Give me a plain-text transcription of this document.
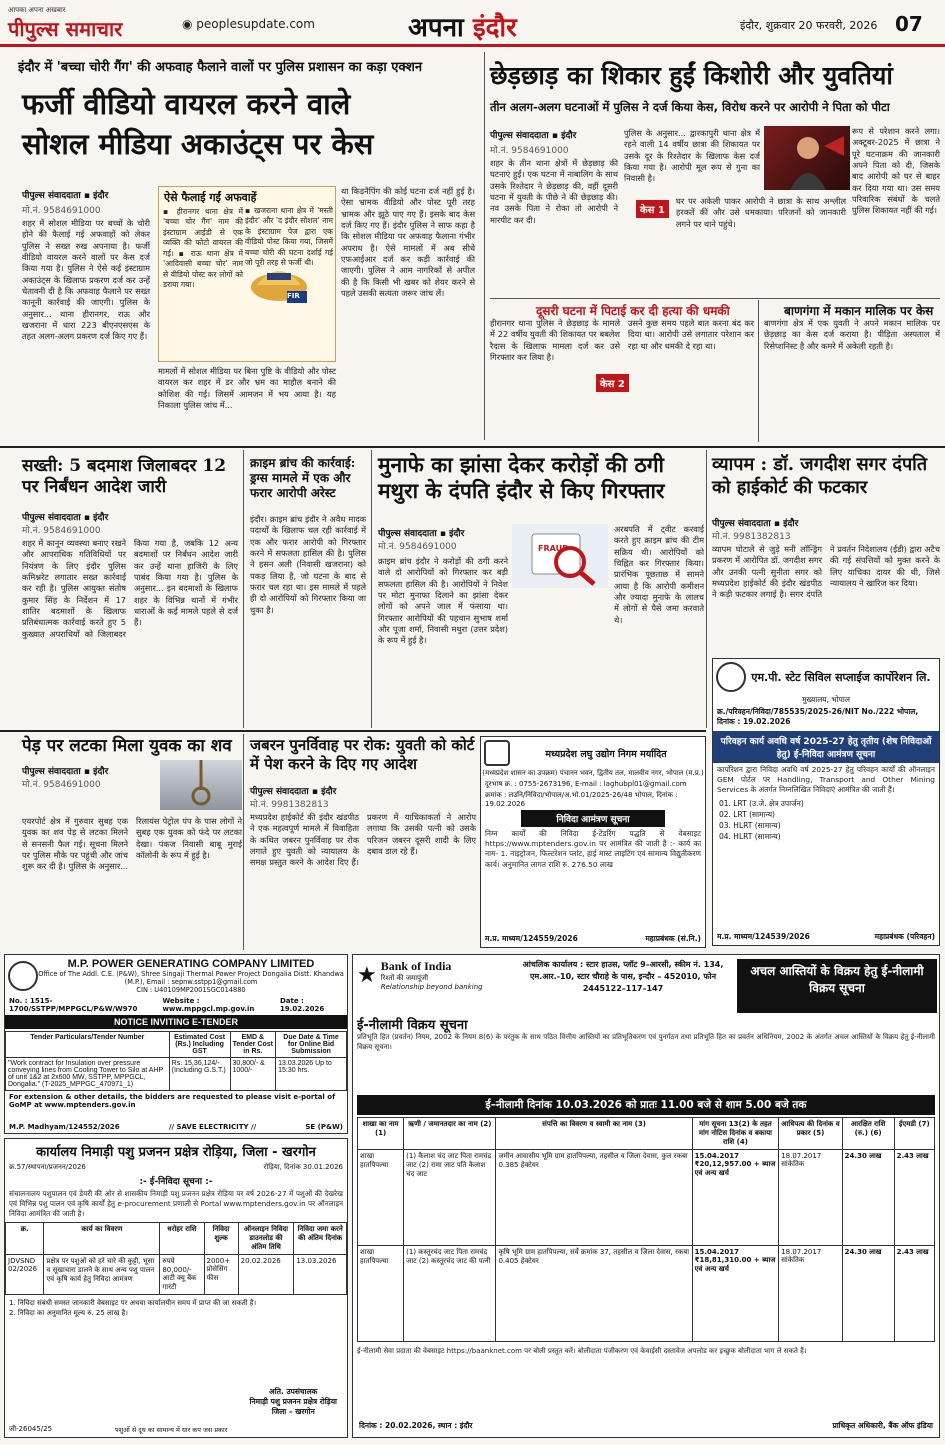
आपका अपना अखबार
पीपुल्स समाचार	◉ peoplesupdate.com	अपना इंदौर	इंदौर, शुक्रवार 20 फरवरी, 2026 07
इंदौर में 'बच्चा चोरी गैंग' की अफवाह फैलाने वालों पर पुलिस प्रशासन का कड़ा एक्शन
फर्जी वीडियो वायरल करने वाले
सोशल मीडिया अकाउंट्स पर केस
पीपुल्स संवाददाता ▪ इंदौर
मो.नं. 9584691000
शहर में सोशल मीडिया पर बच्चों के चोरी होने की फैलाई गई अफवाहों को लेकर पुलिस ने सख्त रुख अपनाया है। फर्जी वीडियो वायरल करने वालों पर केस दर्ज किया गया है। पुलिस ने ऐसे कई इंस्टाग्राम अकाउंट्स के खिलाफ प्रकरण दर्ज कर उन्हें चेतावनी दी है कि अफवाह फैलाने पर सख्त कानूनी कार्रवाई की जाएगी। पुलिस के अनुसार... थाना हीरानगर, राऊ और खजराना में धारा 223 बीएनएसएस के तहत अलग-अलग प्रकरण दर्ज किए गए हैं।
ऐसे फैलाई गईं अफवाहें
▪ हीरानगर थाना क्षेत्र में 'बच्चा चोर गैंग' नाम की इंस्टाग्राम आईडी से एक व्यक्ति की फोटो वायरल की गई। ▪ राऊ थाना क्षेत्र में 'आदिवासी बच्चा चोर' नाम से वीडियो पोस्ट कर लोगों को डराया गया।
FIR
▪ खजराना थाना क्षेत्र में 'मस्ती इंदौर' और 'द इंदौर सोशल' नाम के इंस्टाग्राम पेज द्वारा एक वीडियो पोस्ट किया गया, जिसमें बच्चा चोरी की घटना दर्शाई गई जो पूरी तरह से फर्जी थी।
मामलों में सोशल मीडिया पर बिना पुष्टि के वीडियो और पोस्ट वायरल कर शहर में डर और भ्रम का माहौल बनाने की कोशिश की गई। जिसमें आमजन में भय आया है। यह निकाला पुलिस जांच में...
था किडनैपिंग की कोई घटना दर्ज नहीं हुई है। ऐसा भ्रामक वीडियो और पोस्ट पूरी तरह भ्रामक और झूठे पाए गए हैं। इसके बाद केस दर्ज किए गए हैं। इंदौर पुलिस ने साफ कहा है कि सोशल मीडिया पर अफवाह फैलाना गंभीर अपराध है। ऐसे मामलों में अब सीधे एफआईआर दर्ज कर कड़ी कार्रवाई की जाएगी। पुलिस ने आम नागरिकों से अपील की है कि किसी भी खबर को शेयर करने से पहले उसकी सत्यता जरूर जांच लें।
छेड़छाड़ का शिकार हुईं किशोरी और युवतियां
तीन अलग-अलग घटनाओं में पुलिस ने दर्ज किया केस, विरोध करने पर आरोपी ने पिता को पीटा
पीपुल्स संवाददाता ▪ इंदौर
मो.नं. 9584691000
शहर के तीन थाना क्षेत्रों में छेड़छाड़ की घटनाएं हुईं। एक घटना में नाबालिग के साथ उसके रिश्तेदार ने छेड़छाड़ की, वहीं दूसरी घटना में युवती के पीछे ने की छेड़छाड़ की। नव उसके पिता ने रोका तो आरोपी ने मारपीट कर दी।
पुलिस के अनुसार... द्वारकापुरी थाना क्षेत्र में रहने वाली 14 वर्षीय छात्रा की शिकायत पर उसके दूर के रिश्तेदार के खिलाफ केस दर्ज किया गया है। आरोपी मूल रूप से गुना का निवासी है।
केस 1
घर पर अकेली पाकर आरोपी ने छात्रा के साथ अश्लील हरकतें कीं और उसे धमकाया। परिजनों को जानकारी लगने पर थाने पहुंचे।
रूप से परेशान करने लगा। अक्टूबर-2025 में छात्रा ने पूरे घटनाक्रम की जानकारी अपने पिता को दी, जिसके बाद आरोपी को घर से बाहर कर दिया गया था। उस समय परिवारिक संबंधों के चलते पुलिस शिकायत नहीं की गई।
दूसरी घटना में पिटाई कर दी हत्या की धमकी
हीरानगर थाना पुलिस ने छेड़छाड़ के मामले में 22 वर्षीय युवती की शिकायत पर बबलेश रैदास के खिलाफ मामला दर्ज कर उसे गिरफ्तार कर लिया है।
केस 2
उसने कुछ समय पहले बात करना बंद कर दिया था। आरोपी उसे लगातार परेशान कर रहा था और धमकी दे रहा था।
बाणगंगा में मकान मालिक पर केस
बाणगंगा क्षेत्र में एक युवती ने अपने मकान मालिक पर छेड़छाड़ का केस दर्ज कराया है। पीड़िता अस्पताल में रिसेप्शनिस्ट है और कमरे में अकेली रहती है।
सख्ती: 5 बदमाश जिलाबदर 12 पर निर्बंधन आदेश जारी
पीपुल्स संवाददाता ▪ इंदौर
मो.नं. 9584691000
शहर में कानून व्यवस्था बनाए रखने और आपराधिक गतिविधियों पर नियंत्रण के लिए इंदौर पुलिस कमिश्नरेट लगातार सख्त कार्रवाई कर रही है। पुलिस आयुक्त संतोष कुमार सिंह के निर्देशन में 17 शातिर बदमाशों के खिलाफ प्रतिबंधात्मक कार्रवाई करते हुए 5 कुख्यात अपराधियों को जिलाबदर किया गया है, जबकि 12 अन्य बदमाशों पर निर्बंधन आदेश जारी कर उन्हें थाना हाजिरी के लिए पाबंद किया गया है। पुलिस के अनुसार... इन बदमाशों के खिलाफ शहर के विभिन्न थानों में गंभीर धाराओं के कई मामले पहले से दर्ज हैं।
क्राइम ब्रांच की कार्रवाई: ड्रग्स मामले में एक और फरार आरोपी अरेस्ट
इंदौर। क्राइम ब्रांच इंदौर ने अवैध मादक पदार्थों के खिलाफ चल रही कार्रवाई में एक और फरार आरोपी को गिरफ्तार करने में सफलता हासिल की है। पुलिस ने हसन अली (निवासी खजराना) को पकड़ लिया है, जो घटना के बाद से फरार चल रहा था। इस मामले में पहले ही दो आरोपियों को गिरफ्तार किया जा चुका है।
मुनाफे का झांसा देकर करोड़ों की ठगी मथुरा के दंपति इंदौर से किए गिरफ्तार
पीपुल्स संवाददाता ▪ इंदौर
मो.नं. 9584691000	FRAUD
क्राइम ब्रांच इंदौर ने करोड़ों की ठगी करने वाले दो आरोपियों को गिरफ्तार कर बड़ी सफलता हासिल की है। आरोपियों ने निवेश पर मोटा मुनाफा दिलाने का झांसा देकर लोगों को अपने जाल में फंसाया था। गिरफ्तार आरोपियों की पहचान सुभाष शर्मा और पूजा शर्मा, निवासी मथुरा (उत्तर प्रदेश) के रूप में हुई है।
अरबपति में ट्वीट करवाई करते हुए क्राइम ब्रांच की टीम सक्रिय थी। आरोपियों को चिह्नित कर गिरफ्तार किया। प्रारंभिक पूछताछ में सामने आया है कि आरोपी कमीशन और ज्यादा मुनाफे के लालच में लोगों से पैसे जमा करवाते थे।
व्यापम : डॉ. जगदीश सगर दंपति को हाईकोर्ट की फटकार
पीपुल्स संवाददाता ▪ इंदौर
मो.नं. 9981382813
व्यापम घोटाले से जुड़े मनी लॉन्ड्रिंग प्रकरण में आरोपित डॉ. जगदीश सगर और उनकी पत्नी सुनीता सगर को मध्यप्रदेश हाईकोर्ट की इंदौर खंडपीठ ने कड़ी फटकार लगाई है। सगर दंपति ने प्रवर्तन निदेशालय (ईडी) द्वारा अटैच की गई संपत्तियों को मुक्त करने के लिए याचिका दायर की थी, जिसे न्यायालय ने खारिज कर दिया।
एम.पी. स्टेट सिविल सप्लाईज कार्पोरेशन लि.
मुख्यालय, भोपाल
क्र./परिवहन/निविदा/785535/2025-26/NIT No./222 भोपाल, दिनांक : 19.02.2026
परिवहन कार्य अवधि वर्ष 2025-27 हेतु तृतीय (शेष निविदाओं हेतु) ई-निविदा आमंत्रण सूचना
कार्पोरेशन द्वारा निविदा अवधि वर्ष 2025-27 हेतु परिवहन कार्यों की ऑनलाइन GEM पोर्टल पर Handling, Transport and Other Mining Services के अंतर्गत निम्नलिखित निविदाएं आमंत्रित की जाती हैं।
01. LRT (उ.जे. क्षेत्र उपार्जन)
02. LRT (सामान्य)
03. HLRT (सामान्य)
04. HLRT (सामान्य)
म.प्र. माध्यम/124539/2026	महाप्रबंधक (परिवहन)
पेड़ पर लटका मिला युवक का शव
पीपुल्स संवाददाता ▪ इंदौर
मो.नं. 9584691000
एयरपोर्ट क्षेत्र में गुरुवार सुबह एक युवक का शव पेड़ से लटका मिलने से सनसनी फैल गई। सूचना मिलने पर पुलिस मौके पर पहुंची और जांच शुरू कर दी है। पुलिस के अनुसार... रिलायंस पेट्रोल पंप के पास लोगों ने सुबह एक युवक को फंदे पर लटका देखा। पंकज निवासी बाबू मुराई कॉलोनी के रूप में हुई है।
जबरन पुनर्विवाह पर रोक: युवती को कोर्ट में पेश करने के दिए गए आदेश
पीपुल्स संवाददाता ▪ इंदौर
मो.नं. 9981382813
मध्यप्रदेश हाईकोर्ट की इंदौर खंडपीठ ने एक महत्वपूर्ण मामले में विवाहिता के कथित जबरन पुनर्विवाह पर रोक लगाते हुए युवती को न्यायालय के समक्ष प्रस्तुत करने के आदेश दिए हैं। प्रकरण में याचिकाकर्ता ने आरोप लगाया कि उसकी पत्नी को उसके परिजन जबरन दूसरी शादी के लिए दबाव डाल रहे हैं।
मध्यप्रदेश लघु उद्योग निगम मर्यादित
(मध्यप्रदेश शासन का उपक्रम) पंचानन भवन, द्वितीय तल, मालवीय नगर, भोपाल (म.प्र.)
दूरभाष क्र. : 0755-2673196, E-mail : laghubpl01@gmail.com
क्रमांक : लउनि/निविदा/भोपाल/अ.भो.01/2025-26/48 भोपाल, दिनांक : 19.02.2026
निविदा आमंत्रण सूचना
निम्न कार्यों की निविदा ई-टेंडरिंग पद्धति से वेबसाइट https://www.mptenders.gov.in पर आमंत्रित की जाती है :- कार्य का नाम- 1. नाइट्रोजन, फिल्टरेशन प्लांट, हाई मास्ट लाइटिंग एवं सामान्य विद्युतीकरण कार्य। अनुमानित लागत राशि रु. 276.50 लाख
म.प्र. माध्यम/124559/2026	महाप्रबंधक (सं.नि.)
M.P. POWER GENERATING COMPANY LIMITED
Office of The Addl. C.E. (P&W), Shree Singaji Thermal Power Project Dongalia Distt. Khandwa (M.P.), Email : sepnw.sstpp1@gmail.com
CIN : U40109MP2001SGC014880
No. : 1515-1700/SSTPP/MPPGCL/P&W/W970
Website : www.mppgcl.mp.gov.in
Date : 19.02.2026
NOTICE INVITING E-TENDER
Tender Particulars/Tender Number	Estimated Cost (Rs.) Including GST	EMD & Tender Cost in Rs.	Due Date & Time for Online Bid Submission
"Work contract for Insulation over pressure conveying lines from Cooling Tower to Silo at AHP of unit 1&2 at 2x600 MW, SSTPP, MPPGCL, Dongalia." (T-2025_MPPGC_470971_1)	Rs. 15,36,124/- (Including G.S.T.)	30,800/- & 1000/-	13.03.2026 Up to 15:30 hrs.
For extension & other details, the bidders are requested to please visit e-portal of GoMP at www.mptenders.gov.in
M.P. Madhyam/124552/2026	// SAVE ELECTRICITY //	SE (P&W)
कार्यालय निमाड़ी पशु प्रजनन प्रक्षेत्र रोड़िया, जिला - खरगोन
क्र.57/स्थापना/प्रजनन/2026	रोड़िया, दिनांक 30.01.2026
:- ई-निविदा सूचना :-
संचालनालय पशुपालन एवं डेयरी की ओर से शासकीय निमाड़ी पशु प्रजनन प्रक्षेत्र रोड़िया पर वर्ष 2026-27 में पशुओं की देखरेख एवं विभिन्न पशु पालन एवं कृषि कार्यों हेतु e-procurement प्रणाली से Portal www.mptenders.gov.in पर ऑनलाइन निविदा आमंत्रित की जाती है।
क्र.	कार्य का विवरण	धरोहर राशि	निविदा शुल्क	ऑनलाइन निविदा डाउनलोड की अंतिम तिथि	निविदा जमा करने की अंतिम दिनांक
JDVSND 02/2026	प्रक्षेत्र पर पशुओं को हरे चारे की कुट्टी, भूसा व सूखाचारा डालने के साथ अन्य पशु पालन एवं कृषि कार्य हेतु निविदा आमंत्रण	रुपये 80,000/- आटी क्यू बैंक गारंटी	2000+ प्रोसेसिंग फीस	20.02.2026	13.03.2026
1. निविदा संबंधी समस्त जानकारी वेबसाइट पर अथवा कार्यालयीन समय में प्राप्त की जा सकती है।
2. निविदा का अनुमानित मूल्य रु. 25 लाख है।
अति. उपसंचालक
निमाड़ी पशु प्रजनन प्रक्षेत्र रोड़िया
जिला – खरगोन
जी-26045/25	पशुओं से दूध का सामान्य में धार कप जस प्रकार
★ Bank of India
रिश्तों की जमापूंजी
Relationship beyond banking
आंचलिक कार्यालय : स्टार हाउस, प्लॉट 9–आरसी, स्कीम नं. 134, एम.आर.-10, स्टार चौराहे के पास, इन्दौर – 452010, फोन 2445122–117–147
अचल आस्तियों के विक्रय हेतु ई-नीलामी विक्रय सूचना
ई-नीलामी विक्रय सूचना
प्रतिभूति हित (प्रवर्तन) नियम, 2002 के नियम 8(6) के परंतुक के साथ पठित वित्तीय आस्तियों का प्रतिभूतिकरण एवं पुनर्गठन तथा प्रतिभूति हित का प्रवर्तन अधिनियम, 2002 के अंतर्गत अचल आस्तियों के विक्रय हेतु ई-नीलामी विक्रय सूचना।
ई–नीलामी दिनांक 10.03.2026 को प्रातः 11.00 बजे से शाम 5.00 बजे तक
शाखा का नाम (1)	ऋणी / जमानतदार का नाम (2)	संपत्ति का विवरण व स्वामी का नाम (3)	मांग सूचना 13(2) के तहत मांग नोटिस दिनांक व बकाया राशि (4)	आधिपत्य की दिनांक व प्रकार (5)	आरक्षित राशि (रु.) (6)	ईएमडी (7)
शाखा हातपिपल्या	(1) कैलाश चंद जाट पिता रामचंद्र जाट (2) रामा जाट पति कैलाश चंद जाट	जमीन आवासीय भूमि ग्राम हातपिपल्या, तहसील व जिला देवास, कुल रकबा 0.385 हेक्टेयर	15.04.2017 ₹20,12,957.00 + ब्याज एवं अन्य खर्च	18.07.2017 सांकेतिक	24.30 लाख	2.43 लाख
शाखा हातपिपल्या	(1) कस्तूरचंद जाट पिता रामचंद्र जाट (2) कस्तूरचंद जाट की पत्नी	कृषि भूमि ग्राम हातपिपल्या, सर्वे क्रमांक 37, तहसील व जिला देवास, रकबा 0.405 हेक्टेयर	15.04.2017 ₹18,81,310.00 + ब्याज एवं अन्य खर्च	18.07.2017 सांकेतिक	24.30 लाख	2.43 लाख
ई-नीलामी सेवा प्रदाता की वेबसाइट https://baanknet.com पर बोली प्रस्तुत करें। बोलीदाता पंजीकरण एवं केवाईसी दस्तावेज अपलोड कर इच्छुक बोलीदाता भाग ले सकते हैं।
दिनांक : 20.02.2026, स्थान : इंदौर	प्राधिकृत अधिकारी, बैंक ऑफ इंडिया
